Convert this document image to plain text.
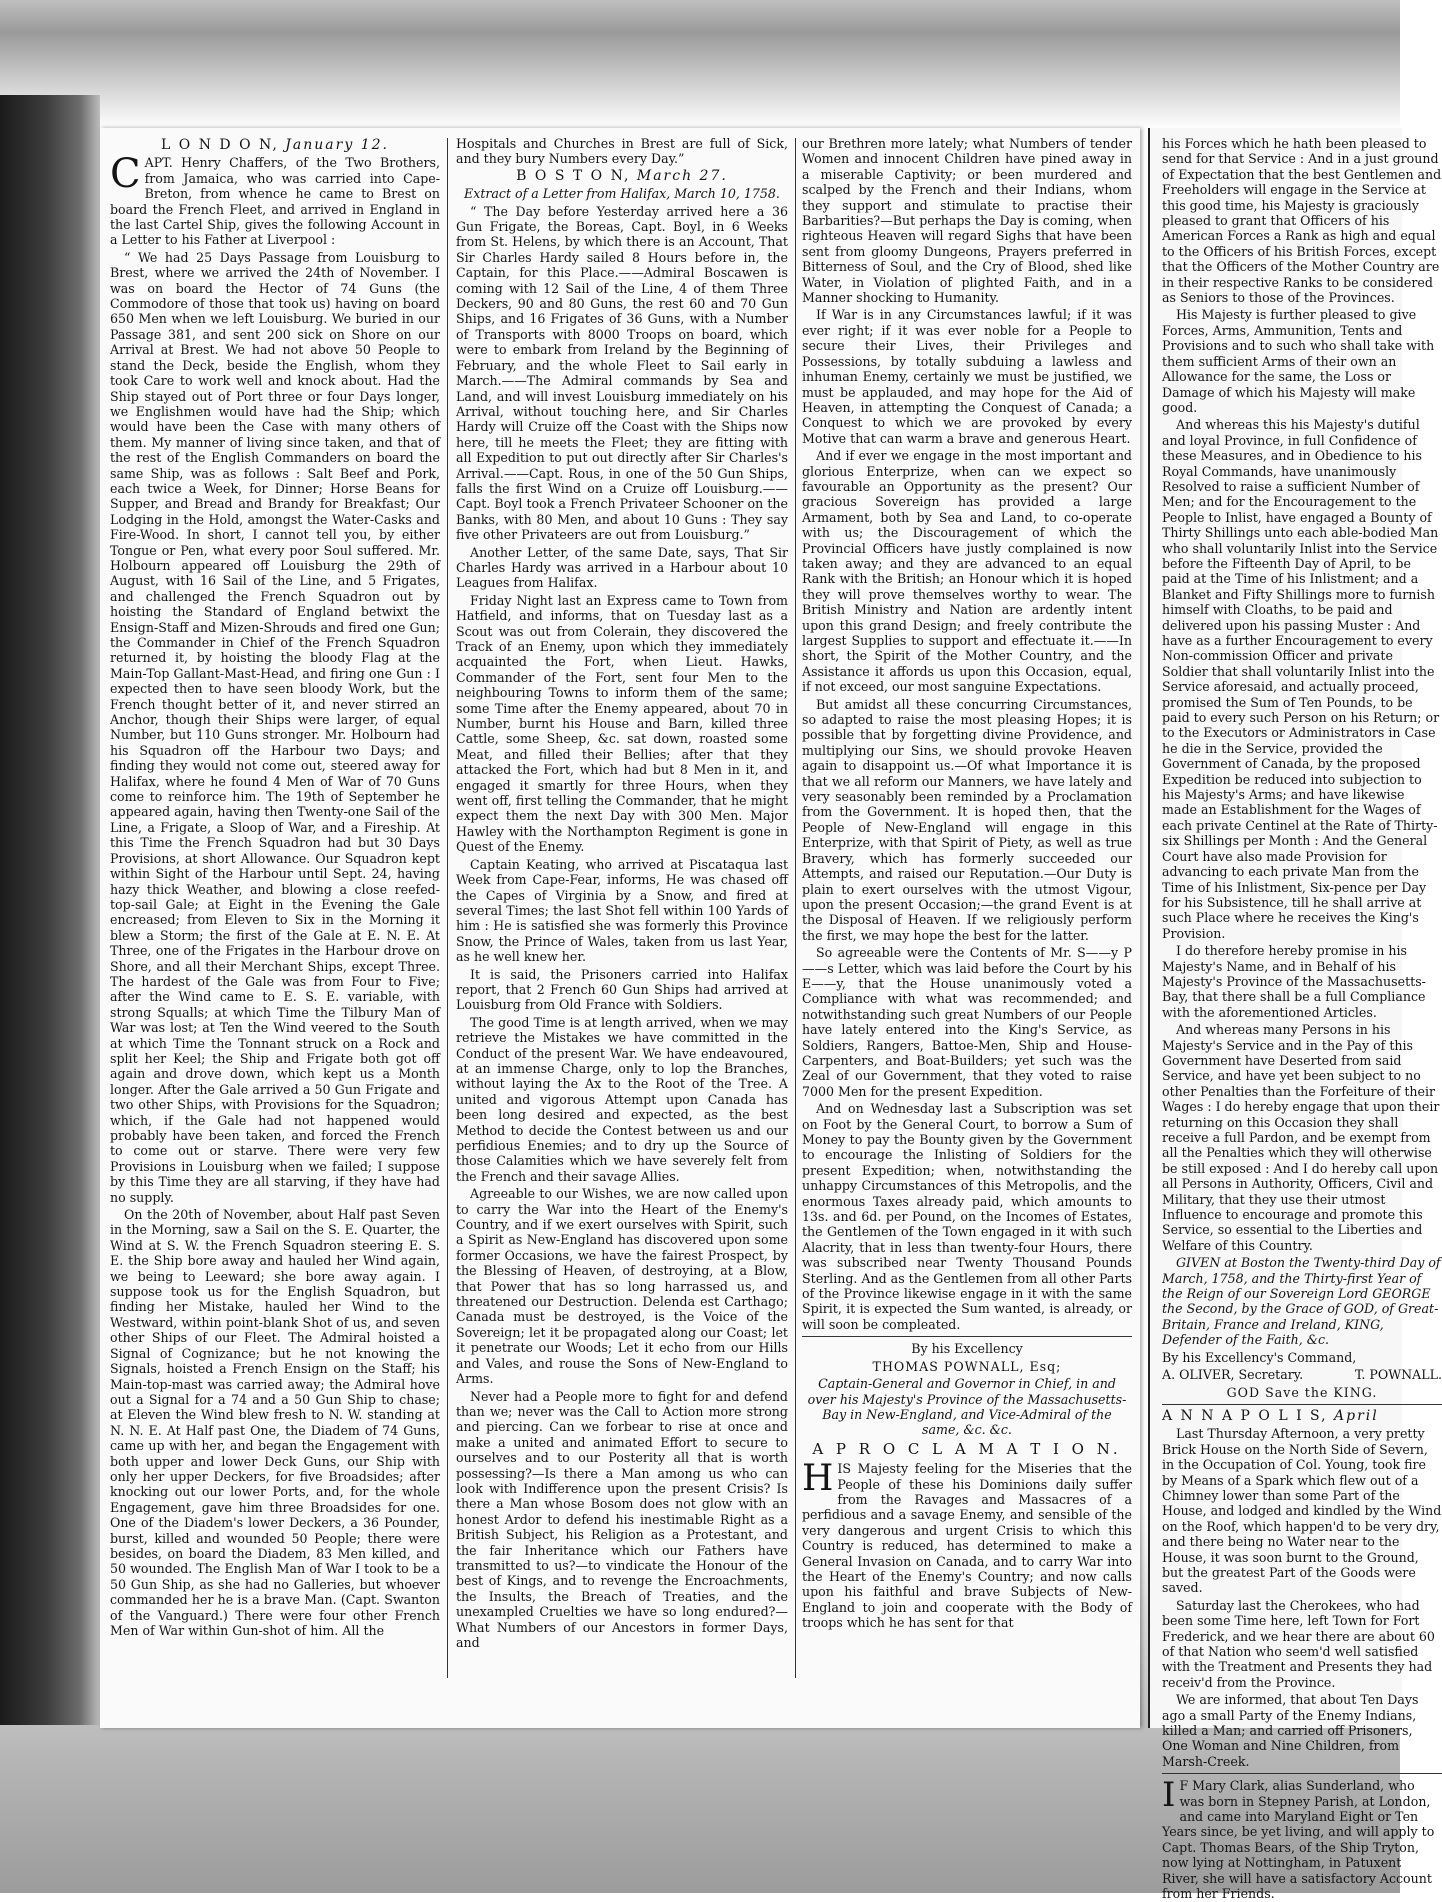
L O N D O N, January 12.

CAPT. Henry Chaffers, of the Two Brothers, from Jamaica, who was carried into Cape-Breton, from whence he came to Brest on board the French Fleet, and arrived in England in the last Cartel Ship, gives the following Account in a Letter to his Father at Liverpool :

“ We had 25 Days Passage from Louisburg to Brest, where we arrived the 24th of November. I was on board the Hector of 74 Guns (the Commodore of those that took us) having on board 650 Men when we left Louisburg. We buried in our Passage 381, and sent 200 sick on Shore on our Arrival at Brest. We had not above 50 People to stand the Deck, beside the English, whom they took Care to work well and knock about. Had the Ship stayed out of Port three or four Days longer, we Englishmen would have had the Ship; which would have been the Case with many others of them. My manner of living since taken, and that of the rest of the English Commanders on board the same Ship, was as follows : Salt Beef and Pork, each twice a Week, for Dinner; Horse Beans for Supper, and Bread and Brandy for Breakfast; Our Lodging in the Hold, amongst the Water-Casks and Fire-Wood. In short, I cannot tell you, by either Tongue or Pen, what every poor Soul suffered. Mr. Holbourn appeared off Louisburg the 29th of August, with 16 Sail of the Line, and 5 Frigates, and challenged the French Squadron out by hoisting the Standard of England betwixt the Ensign-Staff and Mizen-Shrouds and fired one Gun; the Commander in Chief of the French Squadron returned it, by hoisting the bloody Flag at the Main-Top Gallant-Mast-Head, and firing one Gun : I expected then to have seen bloody Work, but the French thought better of it, and never stirred an Anchor, though their Ships were larger, of equal Number, but 110 Guns stronger. Mr. Holbourn had his Squadron off the Harbour two Days; and finding they would not come out, steered away for Halifax, where he found 4 Men of War of 70 Guns come to reinforce him. The 19th of September he appeared again, having then Twenty-one Sail of the Line, a Frigate, a Sloop of War, and a Fireship. At this Time the French Squadron had but 30 Days Provisions, at short Allowance. Our Squadron kept within Sight of the Harbour until Sept. 24, having hazy thick Weather, and blowing a close reefed-top-sail Gale; at Eight in the Evening the Gale encreased; from Eleven to Six in the Morning it blew a Storm; the first of the Gale at E. N. E. At Three, one of the Frigates in the Harbour drove on Shore, and all their Merchant Ships, except Three. The hardest of the Gale was from Four to Five; after the Wind came to E. S. E. variable, with strong Squalls; at which Time the Tilbury Man of War was lost; at Ten the Wind veered to the South at which Time the Tonnant struck on a Rock and split her Keel; the Ship and Frigate both got off again and drove down, which kept us a Month longer. After the Gale arrived a 50 Gun Frigate and two other Ships, with Provisions for the Squadron; which, if the Gale had not happened would probably have been taken, and forced the French to come out or starve. There were very few Provisions in Louisburg when we failed; I suppose by this Time they are all starving, if they have had no supply.

On the 20th of November, about Half past Seven in the Morning, saw a Sail on the S. E. Quarter, the Wind at S. W. the French Squadron steering E. S. E. the Ship bore away and hauled her Wind again, we being to Leeward; she bore away again. I suppose took us for the English Squadron, but finding her Mistake, hauled her Wind to the Westward, within point-blank Shot of us, and seven other Ships of our Fleet. The Admiral hoisted a Signal of Cognizance; but he not knowing the Signals, hoisted a French Ensign on the Staff; his Main-top-mast was carried away; the Admiral hove out a Signal for a 74 and a 50 Gun Ship to chase; at Eleven the Wind blew fresh to N. W. standing at N. N. E. At Half past One, the Diadem of 74 Guns, came up with her, and began the Engagement with both upper and lower Deck Guns, our Ship with only her upper Deckers, for five Broadsides; after knocking out our lower Ports, and, for the whole Engagement, gave him three Broadsides for one. One of the Diadem's lower Deckers, a 36 Pounder, burst, killed and wounded 50 People; there were besides, on board the Diadem, 83 Men killed, and 50 wounded. The English Man of War I took to be a 50 Gun Ship, as she had no Galleries, but whoever commanded her he is a brave Man. (Capt. Swanton of the Vanguard.) There were four other French Men of War within Gun-shot of him. All the

Hospitals and Churches in Brest are full of Sick, and they bury Numbers every Day.”

B O S T O N, March 27.

Extract of a Letter from Halifax, March 10, 1758.

“ The Day before Yesterday arrived here a 36 Gun Frigate, the Boreas, Capt. Boyl, in 6 Weeks from St. Helens, by which there is an Account, That Sir Charles Hardy sailed 8 Hours before in, the Captain, for this Place.——Admiral Boscawen is coming with 12 Sail of the Line, 4 of them Three Deckers, 90 and 80 Guns, the rest 60 and 70 Gun Ships, and 16 Frigates of 36 Guns, with a Number of Transports with 8000 Troops on board, which were to embark from Ireland by the Beginning of February, and the whole Fleet to Sail early in March.——The Admiral commands by Sea and Land, and will invest Louisburg immediately on his Arrival, without touching here, and Sir Charles Hardy will Cruize off the Coast with the Ships now here, till he meets the Fleet; they are fitting with all Expedition to put out directly after Sir Charles's Arrival.——Capt. Rous, in one of the 50 Gun Ships, falls the first Wind on a Cruize off Louisburg.——Capt. Boyl took a French Privateer Schooner on the Banks, with 80 Men, and about 10 Guns : They say five other Privateers are out from Louisburg.”

Another Letter, of the same Date, says, That Sir Charles Hardy was arrived in a Harbour about 10 Leagues from Halifax.

Friday Night last an Express came to Town from Hatfield, and informs, that on Tuesday last as a Scout was out from Colerain, they discovered the Track of an Enemy, upon which they immediately acquainted the Fort, when Lieut. Hawks, Commander of the Fort, sent four Men to the neighbouring Towns to inform them of the same; some Time after the Enemy appeared, about 70 in Number, burnt his House and Barn, killed three Cattle, some Sheep, &c. sat down, roasted some Meat, and filled their Bellies; after that they attacked the Fort, which had but 8 Men in it, and engaged it smartly for three Hours, when they went off, first telling the Commander, that he might expect them the next Day with 300 Men. Major Hawley with the Northampton Regiment is gone in Quest of the Enemy.

Captain Keating, who arrived at Piscataqua last Week from Cape-Fear, informs, He was chased off the Capes of Virginia by a Snow, and fired at several Times; the last Shot fell within 100 Yards of him : He is satisfied she was formerly this Province Snow, the Prince of Wales, taken from us last Year, as he well knew her.

It is said, the Prisoners carried into Halifax report, that 2 French 60 Gun Ships had arrived at Louisburg from Old France with Soldiers.

The good Time is at length arrived, when we may retrieve the Mistakes we have committed in the Conduct of the present War. We have endeavoured, at an immense Charge, only to lop the Branches, without laying the Ax to the Root of the Tree. A united and vigorous Attempt upon Canada has been long desired and expected, as the best Method to decide the Contest between us and our perfidious Enemies; and to dry up the Source of those Calamities which we have severely felt from the French and their savage Allies.

Agreeable to our Wishes, we are now called upon to carry the War into the Heart of the Enemy's Country, and if we exert ourselves with Spirit, such a Spirit as New-England has discovered upon some former Occasions, we have the fairest Prospect, by the Blessing of Heaven, of destroying, at a Blow, that Power that has so long harrassed us, and threatened our Destruction. Delenda est Carthago; Canada must be destroyed, is the Voice of the Sovereign; let it be propagated along our Coast; let it penetrate our Woods; Let it echo from our Hills and Vales, and rouse the Sons of New-England to Arms.

Never had a People more to fight for and defend than we; never was the Call to Action more strong and piercing. Can we forbear to rise at once and make a united and animated Effort to secure to ourselves and to our Posterity all that is worth possessing?—Is there a Man among us who can look with Indifference upon the present Crisis? Is there a Man whose Bosom does not glow with an honest Ardor to defend his inestimable Right as a British Subject, his Religion as a Protestant, and the fair Inheritance which our Fathers have transmitted to us?—to vindicate the Honour of the best of Kings, and to revenge the Encroachments, the Insults, the Breach of Treaties, and the unexampled Cruelties we have so long endured?—What Numbers of our Ancestors in former Days, and

our Brethren more lately; what Numbers of tender Women and innocent Children have pined away in a miserable Captivity; or been murdered and scalped by the French and their Indians, whom they support and stimulate to practise their Barbarities?—But perhaps the Day is coming, when righteous Heaven will regard Sighs that have been sent from gloomy Dungeons, Prayers preferred in Bitterness of Soul, and the Cry of Blood, shed like Water, in Violation of plighted Faith, and in a Manner shocking to Humanity.

If War is in any Circumstances lawful; if it was ever right; if it was ever noble for a People to secure their Lives, their Privileges and Possessions, by totally subduing a lawless and inhuman Enemy, certainly we must be justified, we must be applauded, and may hope for the Aid of Heaven, in attempting the Conquest of Canada; a Conquest to which we are provoked by every Motive that can warm a brave and generous Heart.

And if ever we engage in the most important and glorious Enterprize, when can we expect so favourable an Opportunity as the present? Our gracious Sovereign has provided a large Armament, both by Sea and Land, to co-operate with us; the Discouragement of which the Provincial Officers have justly complained is now taken away; and they are advanced to an equal Rank with the British; an Honour which it is hoped they will prove themselves worthy to wear. The British Ministry and Nation are ardently intent upon this grand Design; and freely contribute the largest Supplies to support and effectuate it.——In short, the Spirit of the Mother Country, and the Assistance it affords us upon this Occasion, equal, if not exceed, our most sanguine Expectations.

But amidst all these concurring Circumstances, so adapted to raise the most pleasing Hopes; it is possible that by forgetting divine Providence, and multiplying our Sins, we should provoke Heaven again to disappoint us.—Of what Importance it is that we all reform our Manners, we have lately and very seasonably been reminded by a Proclamation from the Government. It is hoped then, that the People of New-England will engage in this Enterprize, with that Spirit of Piety, as well as true Bravery, which has formerly succeeded our Attempts, and raised our Reputation.—Our Duty is plain to exert ourselves with the utmost Vigour, upon the present Occasion;—the grand Event is at the Disposal of Heaven. If we religiously perform the first, we may hope the best for the latter.

So agreeable were the Contents of Mr. S——y P——s Letter, which was laid before the Court by his E——y, that the House unanimously voted a Compliance with what was recommended; and notwithstanding such great Numbers of our People have lately entered into the King's Service, as Soldiers, Rangers, Battoe-Men, Ship and House-Carpenters, and Boat-Builders; yet such was the Zeal of our Government, that they voted to raise 7000 Men for the present Expedition.

And on Wednesday last a Subscription was set on Foot by the General Court, to borrow a Sum of Money to pay the Bounty given by the Government to encourage the Inlisting of Soldiers for the present Expedition; when, notwithstanding the unhappy Circumstances of this Metropolis, and the enormous Taxes already paid, which amounts to 13s. and 6d. per Pound, on the Incomes of Estates, the Gentlemen of the Town engaged in it with such Alacrity, that in less than twenty-four Hours, there was subscribed near Twenty Thousand Pounds Sterling. And as the Gentlemen from all other Parts of the Province likewise engage in it with the same Spirit, it is expected the Sum wanted, is already, or will soon be compleated.

By his Excellency

THOMAS POWNALL, Esq;

Captain-General and Governor in Chief, in and over his Majesty's Province of the Massachusetts-Bay in New-England, and Vice-Admiral of the same, &c. &c.

A P R O C L A M A T I O N.

HIS Majesty feeling for the Miseries that the People of these his Dominions daily suffer from the Ravages and Massacres of a perfidious and a savage Enemy, and sensible of the very dangerous and urgent Crisis to which this Country is reduced, has determined to make a General Invasion on Canada, and to carry War into the Heart of the Enemy's Country; and now calls upon his faithful and brave Subjects of New-England to join and cooperate with the Body of troops which he has sent for that

his Forces which he hath been pleased to send for that Service : And in a just ground of Expectation that the best Gentlemen and Freeholders will engage in the Service at this good time, his Majesty is graciously pleased to grant that Officers of his American Forces a Rank as high and equal to the Officers of his British Forces, except that the Officers of the Mother Country are in their respective Ranks to be considered as Seniors to those of the Provinces.

His Majesty is further pleased to give Forces, Arms, Ammunition, Tents and Provisions and to such who shall take with them sufficient Arms of their own an Allowance for the same, the Loss or Damage of which his Majesty will make good.

And whereas this his Majesty's dutiful and loyal Province, in full Confidence of these Measures, and in Obedience to his Royal Commands, have unanimously Resolved to raise a sufficient Number of Men; and for the Encouragement to the People to Inlist, have engaged a Bounty of Thirty Shillings unto each able-bodied Man who shall voluntarily Inlist into the Service before the Fifteenth Day of April, to be paid at the Time of his Inlistment; and a Blanket and Fifty Shillings more to furnish himself with Cloaths, to be paid and delivered upon his passing Muster : And have as a further Encouragement to every Non-commission Officer and private Soldier that shall voluntarily Inlist into the Service aforesaid, and actually proceed, promised the Sum of Ten Pounds, to be paid to every such Person on his Return; or to the Executors or Administrators in Case he die in the Service, provided the Government of Canada, by the proposed Expedition be reduced into subjection to his Majesty's Arms; and have likewise made an Establishment for the Wages of each private Centinel at the Rate of Thirty-six Shillings per Month : And the General Court have also made Provision for advancing to each private Man from the Time of his Inlistment, Six-pence per Day for his Subsistence, till he shall arrive at such Place where he receives the King's Provision.

I do therefore hereby promise in his Majesty's Name, and in Behalf of his Majesty's Province of the Massachusetts-Bay, that there shall be a full Compliance with the aforementioned Articles.

And whereas many Persons in his Majesty's Service and in the Pay of this Government have Deserted from said Service, and have yet been subject to no other Penalties than the Forfeiture of their Wages : I do hereby engage that upon their returning on this Occasion they shall receive a full Pardon, and be exempt from all the Penalties which they will otherwise be still exposed : And I do hereby call upon all Persons in Authority, Officers, Civil and Military, that they use their utmost Influence to encourage and promote this Service, so essential to the Liberties and Welfare of this Country.

GIVEN at Boston the Twenty-third Day of March, 1758, and the Thirty-first Year of the Reign of our Sovereign Lord GEORGE the Second, by the Grace of GOD, of Great-Britain, France and Ireland, KING, Defender of the Faith, &c.

By his Excellency's Command,

A. OLIVER, Secretary.	T. POWNALL.

GOD Save the KING.

A N N A P O L I S, April

Last Thursday Afternoon, a very pretty Brick House on the North Side of Severn, in the Occupation of Col. Young, took fire by Means of a Spark which flew out of a Chimney lower than some Part of the House, and lodged and kindled by the Wind on the Roof, which happen'd to be very dry, and there being no Water near to the House, it was soon burnt to the Ground, but the greatest Part of the Goods were saved.

Saturday last the Cherokees, who had been some Time here, left Town for Fort Frederick, and we hear there are about 60 of that Nation who seem'd well satisfied with the Treatment and Presents they had receiv'd from the Province.

We are informed, that about Ten Days ago a small Party of the Enemy Indians, killed a Man; and carried off Prisoners, One Woman and Nine Children, from Marsh-Creek.

I F Mary Clark, alias Sunderland, who was born in Stepney Parish, at London, and came into Maryland Eight or Ten Years since, be yet living, and will apply to Capt. Thomas Bears, of the Ship Tryton, now lying at Nottingham, in Patuxent River, she will have a satisfactory Account from her Friends.
